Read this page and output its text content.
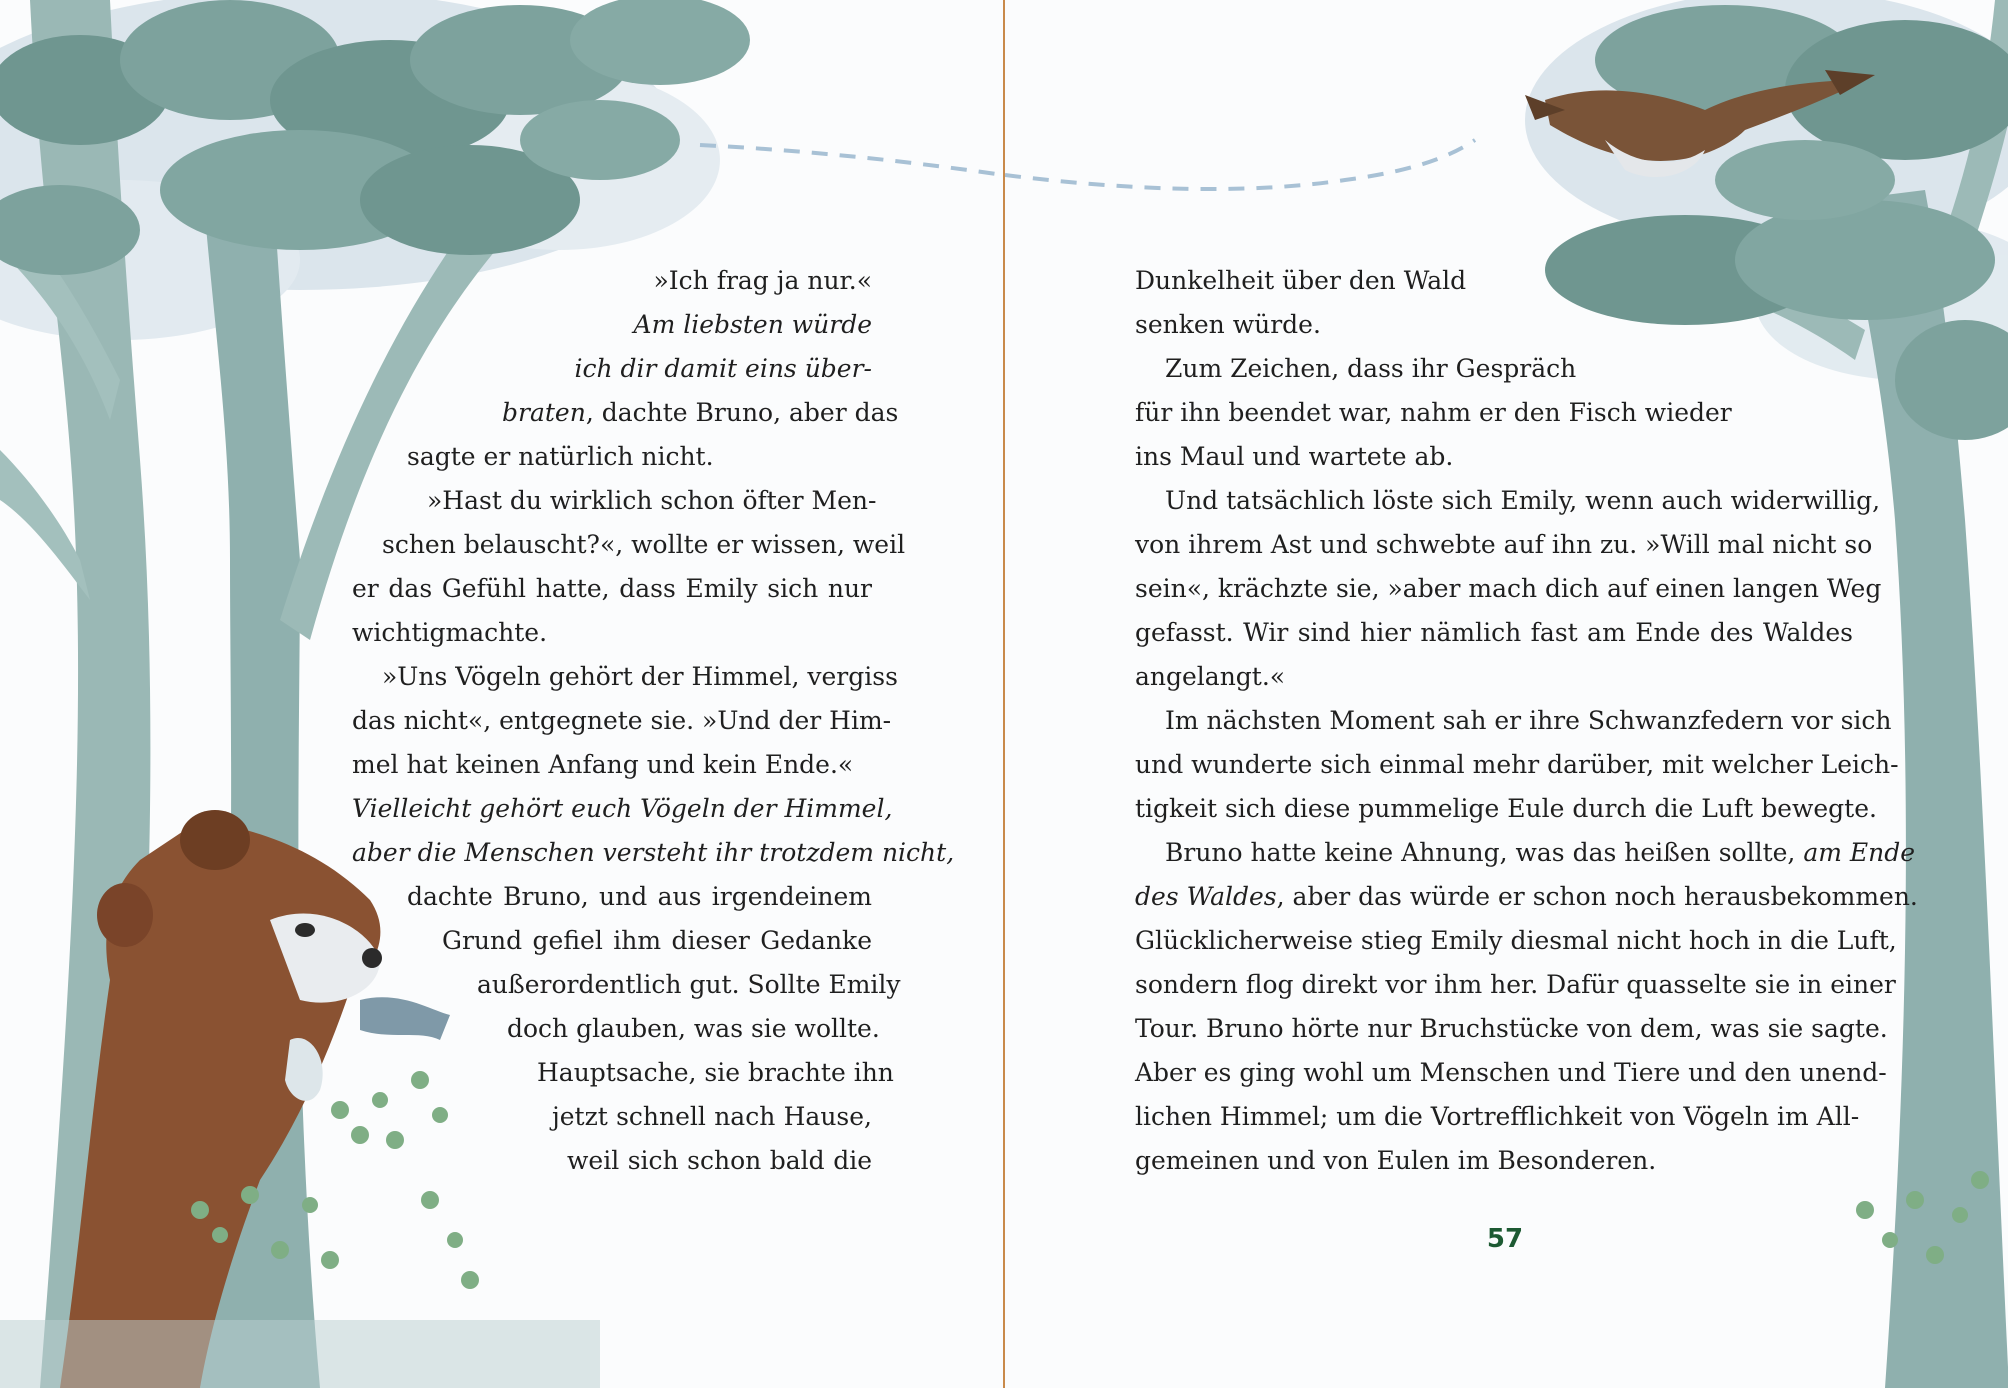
»Ich frag ja nur.«
Am liebsten würde
ich dir damit eins über-
braten, dachte Bruno, aber das
sagte er natürlich nicht.
»Hast du wirklich schon öfter Men-
schen belauscht?«, wollte er wissen, weil
er das Gefühl hatte, dass Emily sich nur
wichtigmachte.
»Uns Vögeln gehört der Himmel, vergiss
das nicht«, entgegnete sie. »Und der Him-
mel hat keinen Anfang und kein Ende.«
Vielleicht gehört euch Vögeln der Himmel,
aber die Menschen versteht ihr trotzdem nicht,
dachte Bruno, und aus irgendeinem
Grund gefiel ihm dieser Gedanke
außerordentlich gut. Sollte Emily
doch glauben, was sie wollte.
Hauptsache, sie brachte ihn
jetzt schnell nach Hause,
weil sich schon bald die
Dunkelheit über den Wald
senken würde.
Zum Zeichen, dass ihr Gespräch
für ihn beendet war, nahm er den Fisch wieder
ins Maul und wartete ab.
Und tatsächlich löste sich Emily, wenn auch widerwillig,
von ihrem Ast und schwebte auf ihn zu. »Will mal nicht so
sein«, krächzte sie, »aber mach dich auf einen langen Weg
gefasst. Wir sind hier nämlich fast am Ende des Waldes
angelangt.«
Im nächsten Moment sah er ihre Schwanzfedern vor sich
und wunderte sich einmal mehr darüber, mit welcher Leich-
tigkeit sich diese pummelige Eule durch die Luft bewegte.
Bruno hatte keine Ahnung, was das heißen sollte, am Ende
des Waldes, aber das würde er schon noch herausbekommen.
Glücklicherweise stieg Emily diesmal nicht hoch in die Luft,
sondern flog direkt vor ihm her. Dafür quasselte sie in einer
Tour. Bruno hörte nur Bruchstücke von dem, was sie sagte.
Aber es ging wohl um Menschen und Tiere und den unend-
lichen Himmel; um die Vortrefflichkeit von Vögeln im All-
gemeinen und von Eulen im Besonderen.
57
